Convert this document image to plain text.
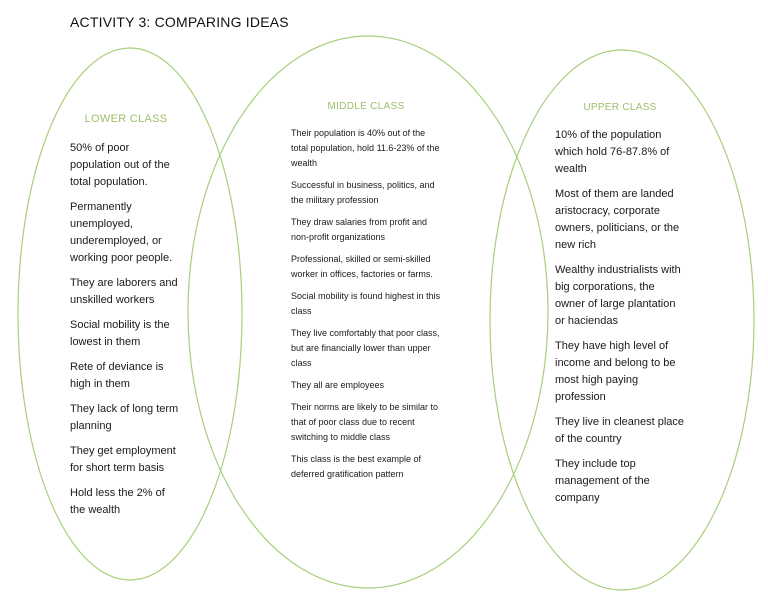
ACTIVITY 3: COMPARING IDEAS
LOWER CLASS
MIDDLE CLASS	UPPER CLASS

50% of poor population out of the total population.

Permanently unemployed, underemployed, or working poor people.

They are laborers and unskilled workers

Social mobility is the lowest in them

Rete of deviance is high in them

They lack of long term planning

They get employment for short term basis

Hold less the 2% of the wealth

Their population is 40% out of the total population, hold 11.6-23% of the wealth

Successful in business, politics, and the military profession

They draw salaries from profit and non-profit organizations

Professional, skilled or semi-skilled worker in offices, factories or farms.

Social mobility is found highest in this class

They live comfortably that poor class, but are financially lower than upper class

They all are employees

Their norms are likely to be similar to that of poor class due to recent switching to middle class

This class is the best example of deferred gratification pattern

10% of the population which hold 76-87.8% of wealth

Most of them are landed aristocracy, corporate owners, politicians, or the new rich

Wealthy industrialists with big corporations, the owner of large plantation or haciendas

They have high level of income and belong to be most high paying profession

They live in cleanest place of the country

They include top management of the company
